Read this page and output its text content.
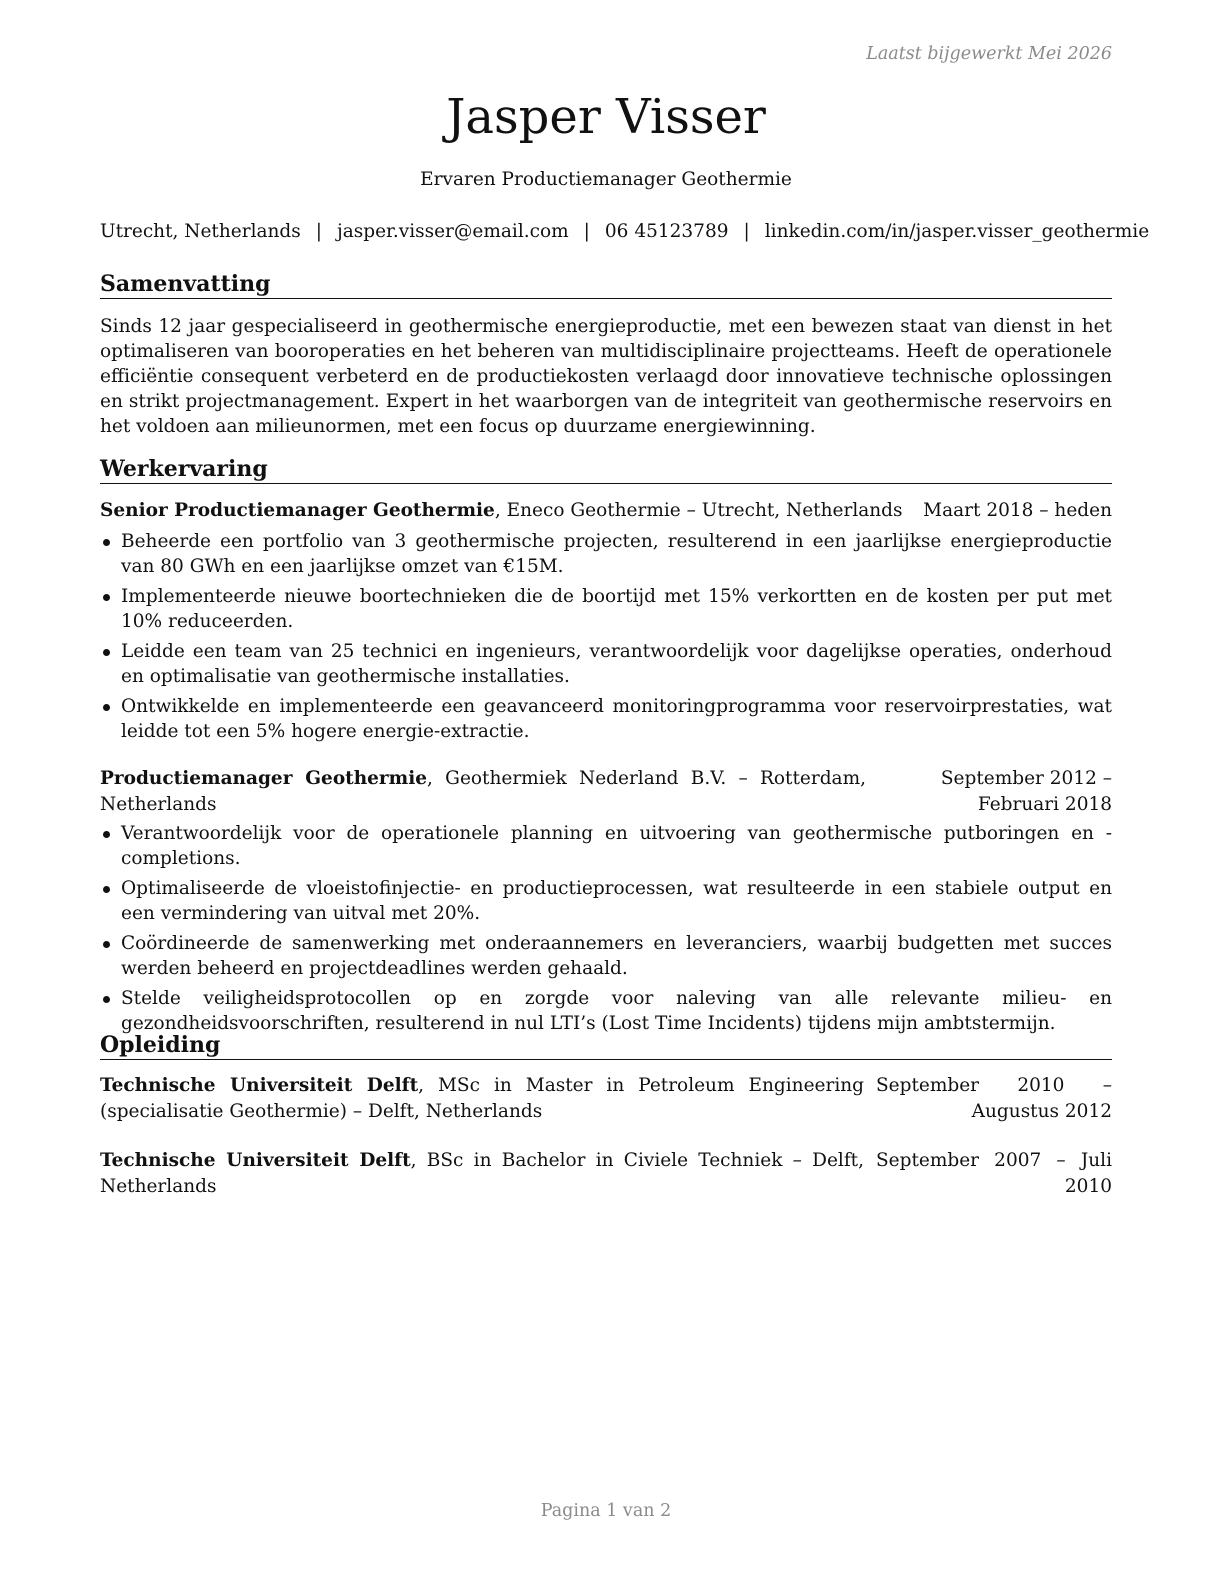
Laatst bijgewerkt Mei 2026
Jasper Visser
Ervaren Productiemanager Geothermie
Utrecht, Netherlands | jasper.visser@email.com | 06 45123789 | linkedin.com/in/jasper.visser_geothermie
Samenvatting
Sinds 12 jaar gespecialiseerd in geothermische energieproductie, met een bewezen staat van dienst in het optimaliseren van booroperaties en het beheren van multidisciplinaire projectteams. Heeft de operationele efficiëntie consequent verbeterd en de productiekosten verlaagd door innovatieve technische oplossingen en strikt projectmanagement. Expert in het waarborgen van de integriteit van geothermische reservoirs en het voldoen aan milieunormen, met een focus op duurzame energiewinning.
Werkervaring
Senior Productiemanager Geothermie, Eneco Geothermie – Utrecht, Netherlands	Maart 2018 – heden
Beheerde een portfolio van 3 geothermische projecten, resulterend in een jaarlijkse energieproductie van 80 GWh en een jaarlijkse omzet van €15M.
Implementeerde nieuwe boortechnieken die de boortijd met 15% verkortten en de kosten per put met 10% reduceerden.
Leidde een team van 25 technici en ingenieurs, verantwoordelijk voor dagelijkse operaties, onderhoud en optimalisatie van geothermische installaties.
Ontwikkelde en implementeerde een geavanceerd monitoringprogramma voor reservoirprestaties, wat leidde tot een 5% hogere energie-extractie.
Productiemanager Geothermie, Geothermiek Nederland B.V. – Rotterdam, Netherlands
September 2012 – Februari 2018
Verantwoordelijk voor de operationele planning en uitvoering van geothermische putboringen en -completions.
Optimaliseerde de vloeistofinjectie- en productieprocessen, wat resulteerde in een stabiele output en een vermindering van uitval met 20%.
Coördineerde de samenwerking met onderaannemers en leveranciers, waarbij budgetten met succes werden beheerd en projectdeadlines werden gehaald.
Stelde veiligheidsprotocollen op en zorgde voor naleving van alle relevante milieu- en gezondheidsvoorschriften, resulterend in nul LTI’s (Lost Time Incidents) tijdens mijn ambtstermijn.
Opleiding
Technische Universiteit Delft, MSc in Master in Petroleum Engineering (specialisatie Geothermie) – Delft, Netherlands
September 2010 – Augustus 2012
Technische Universiteit Delft, BSc in Bachelor in Civiele Techniek – Delft, Netherlands
September 2007 – Juli 2010
Pagina 1 van 2
